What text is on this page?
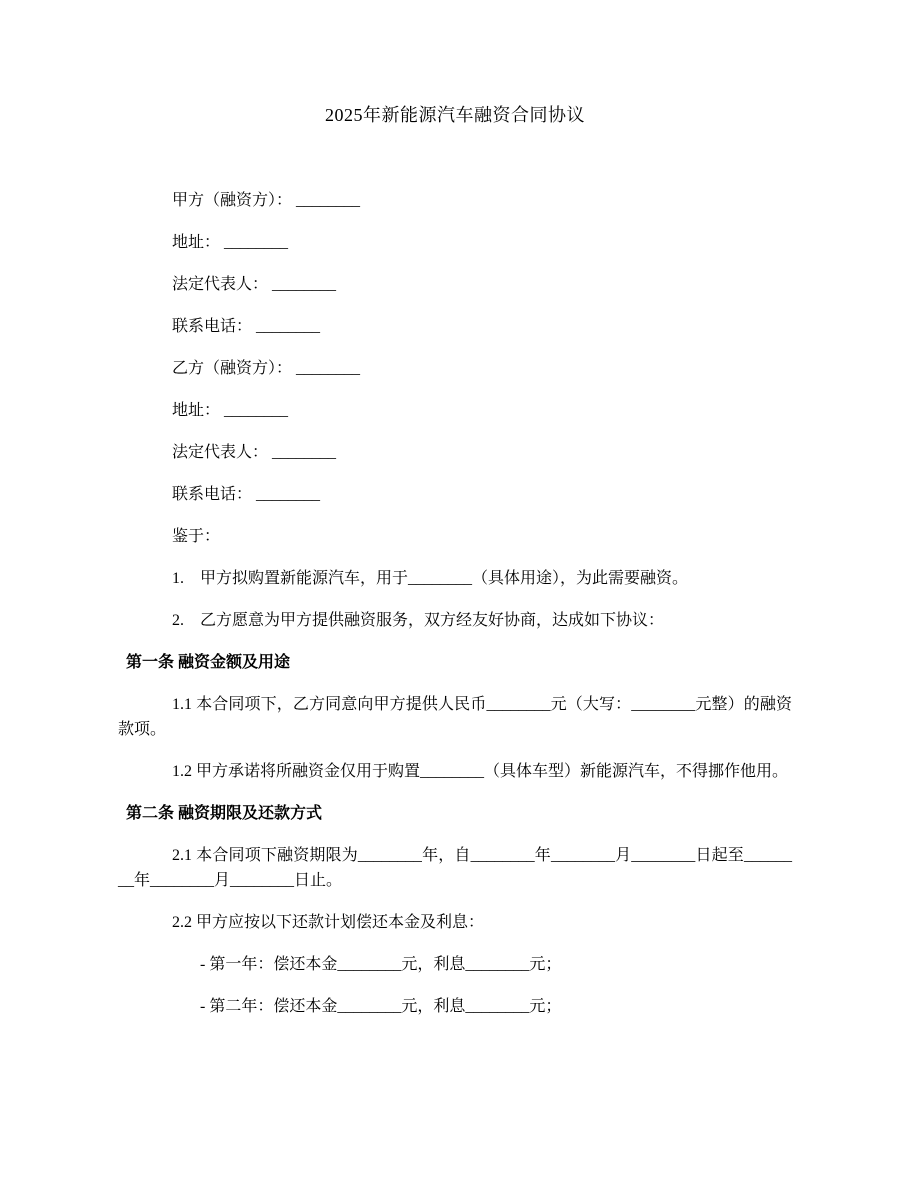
2025年新能源汽车融资合同协议

甲方（融资方）： ________

地址： ________

法定代表人： ________

联系电话： ________

乙方（融资方）： ________

地址： ________

法定代表人： ________

联系电话： ________

鉴于：

1.　甲方拟购置新能源汽车，用于________（具体用途），为此需要融资。

2.　乙方愿意为甲方提供融资服务，双方经友好协商，达成如下协议：

第一条 融资金额及用途

1.1 本合同项下，乙方同意向甲方提供人民币________元（大写：________元整）的融资款项。

1.2 甲方承诺将所融资金仅用于购置________（具体车型）新能源汽车，不得挪作他用。

第二条 融资期限及还款方式

2.1 本合同项下融资期限为________年，自________年________月________日起至________年________月________日止。

2.2 甲方应按以下还款计划偿还本金及利息：

- 第一年：偿还本金________元，利息________元；

- 第二年：偿还本金________元，利息________元；
